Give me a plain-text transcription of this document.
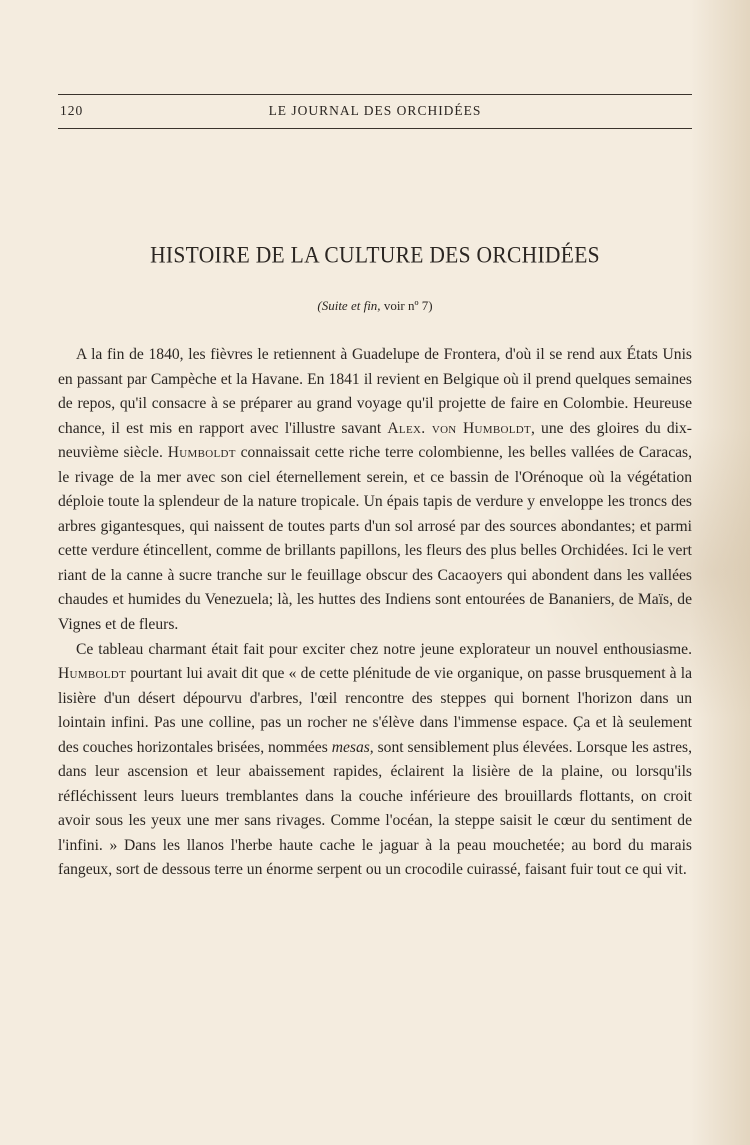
120	LE JOURNAL DES ORCHIDÉES
HISTOIRE DE LA CULTURE DES ORCHIDÉES
(Suite et fin, voir nº 7)

A la fin de 1840, les fièvres le retiennent à Guadelupe de Frontera, d'où il se rend aux États Unis en passant par Campèche et la Havane. En 1841 il revient en Belgique où il prend quelques semaines de repos, qu'il consacre à se préparer au grand voyage qu'il projette de faire en Colombie. Heureuse chance, il est mis en rapport avec l'illustre savant Alex. von Humboldt, une des gloires du dix-neuvième siècle. Humboldt connaissait cette riche terre colombienne, les belles vallées de Caracas, le rivage de la mer avec son ciel éternellement serein, et ce bassin de l'Orénoque où la végétation déploie toute la splendeur de la nature tropicale. Un épais tapis de verdure y enveloppe les troncs des arbres gigantesques, qui naissent de toutes parts d'un sol arrosé par des sources abondantes; et parmi cette verdure étincellent, comme de brillants papillons, les fleurs des plus belles Orchidées. Ici le vert riant de la canne à sucre tranche sur le feuillage obscur des Cacaoyers qui abondent dans les vallées chaudes et humides du Venezuela; là, les huttes des Indiens sont entourées de Bananiers, de Maïs, de Vignes et de fleurs.

Ce tableau charmant était fait pour exciter chez notre jeune explorateur un nouvel enthousiasme. Humboldt pourtant lui avait dit que « de cette plénitude de vie organique, on passe brusquement à la lisière d'un désert dépourvu d'arbres, l'œil rencontre des steppes qui bornent l'horizon dans un lointain infini. Pas une colline, pas un rocher ne s'élève dans l'immense espace. Ça et là seulement des couches horizontales brisées, nommées mesas, sont sensiblement plus élevées. Lorsque les astres, dans leur ascension et leur abaissement rapides, éclairent la lisière de la plaine, ou lorsqu'ils réfléchissent leurs lueurs tremblantes dans la couche inférieure des brouillards flottants, on croit avoir sous les yeux une mer sans rivages. Comme l'océan, la steppe saisit le cœur du sentiment de l'infini. » Dans les llanos l'herbe haute cache le jaguar à la peau mouchetée; au bord du marais fangeux, sort de dessous terre un énorme serpent ou un crocodile cuirassé, faisant fuir tout ce qui vit.
